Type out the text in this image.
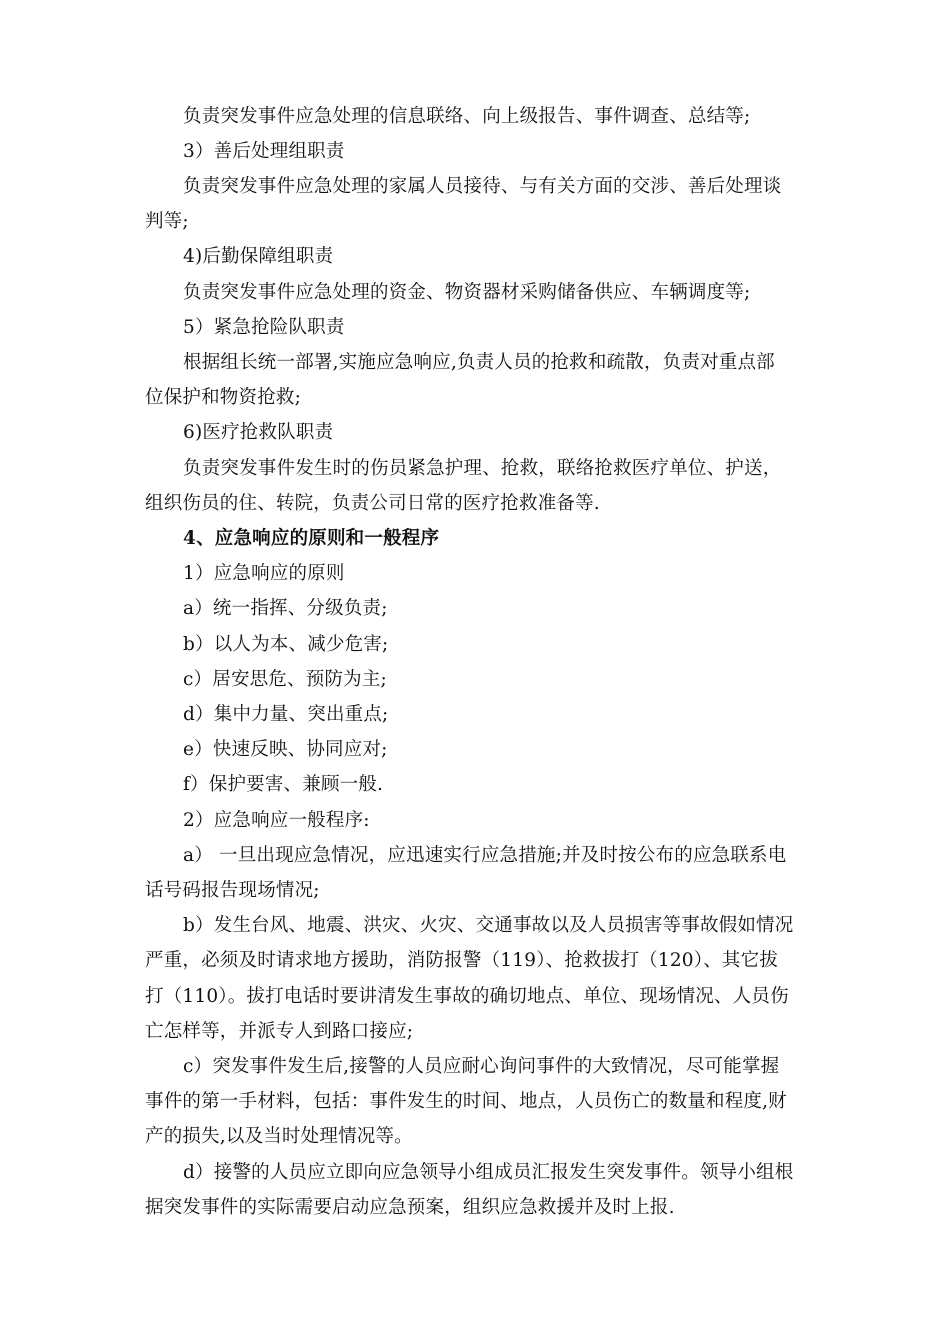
负责突发事件应急处理的信息联络、向上级报告、事件调查、总结等;
3）善后处理组职责
负责突发事件应急处理的家属人员接待、与有关方面的交涉、善后处理谈
判等;
4)后勤保障组职责
负责突发事件应急处理的资金、物资器材采购储备供应、车辆调度等;
5）紧急抢险队职责
根据组长统一部署,实施应急响应,负责人员的抢救和疏散，负责对重点部
位保护和物资抢救;
6)医疗抢救队职责
负责突发事件发生时的伤员紧急护理、抢救，联络抢救医疗单位、护送，
组织伤员的住、转院，负责公司日常的医疗抢救准备等.
4、应急响应的原则和一般程序
1）应急响应的原则
a）统一指挥、分级负责;
b）以人为本、减少危害;
c）居安思危、预防为主;
d）集中力量、突出重点;
e）快速反映、协同应对;
f）保护要害、兼顾一般.
2）应急响应一般程序:
a） 一旦出现应急情况，应迅速实行应急措施;并及时按公布的应急联系电
话号码报告现场情况;
b）发生台风、地震、洪灾、火灾、交通事故以及人员损害等事故假如情况
严重，必须及时请求地方援助，消防报警（119）、抢救拔打（120）、其它拔
打（110）。拔打电话时要讲清发生事故的确切地点、单位、现场情况、人员伤
亡怎样等，并派专人到路口接应;
c）突发事件发生后,接警的人员应耐心询问事件的大致情况，尽可能掌握
事件的第一手材料，包括：事件发生的时间、地点，人员伤亡的数量和程度,财
产的损失,以及当时处理情况等。
d）接警的人员应立即向应急领导小组成员汇报发生突发事件。领导小组根
据突发事件的实际需要启动应急预案，组织应急救援并及时上报.
